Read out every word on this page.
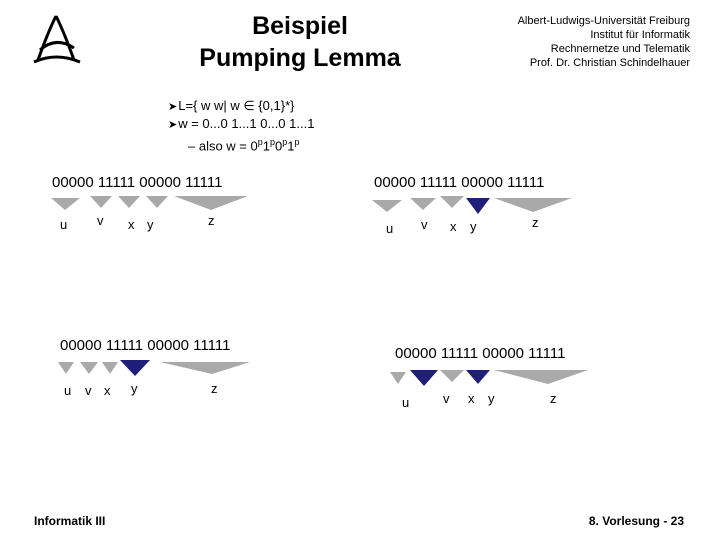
Beispiel
Pumping Lemma
Albert-Ludwigs-Universität Freiburg
Institut für Informatik
Rechnernetze und Telematik
Prof. Dr. Christian Schindelhauer
➤L={ w w| w ∈ {0,1}*}
➤w = 0...0 1...1 0...0 1...1
– also $w = 0^p1^p0^p1^p$
00000 11111 00000 11111	00000 11111 00000 11111
00000 11111 00000 11111	00000 11111 00000 11111
u v x y	z
u v x y	z
u v x y	z
u	v x y	z
Informatik III	8. Vorlesung - 23
